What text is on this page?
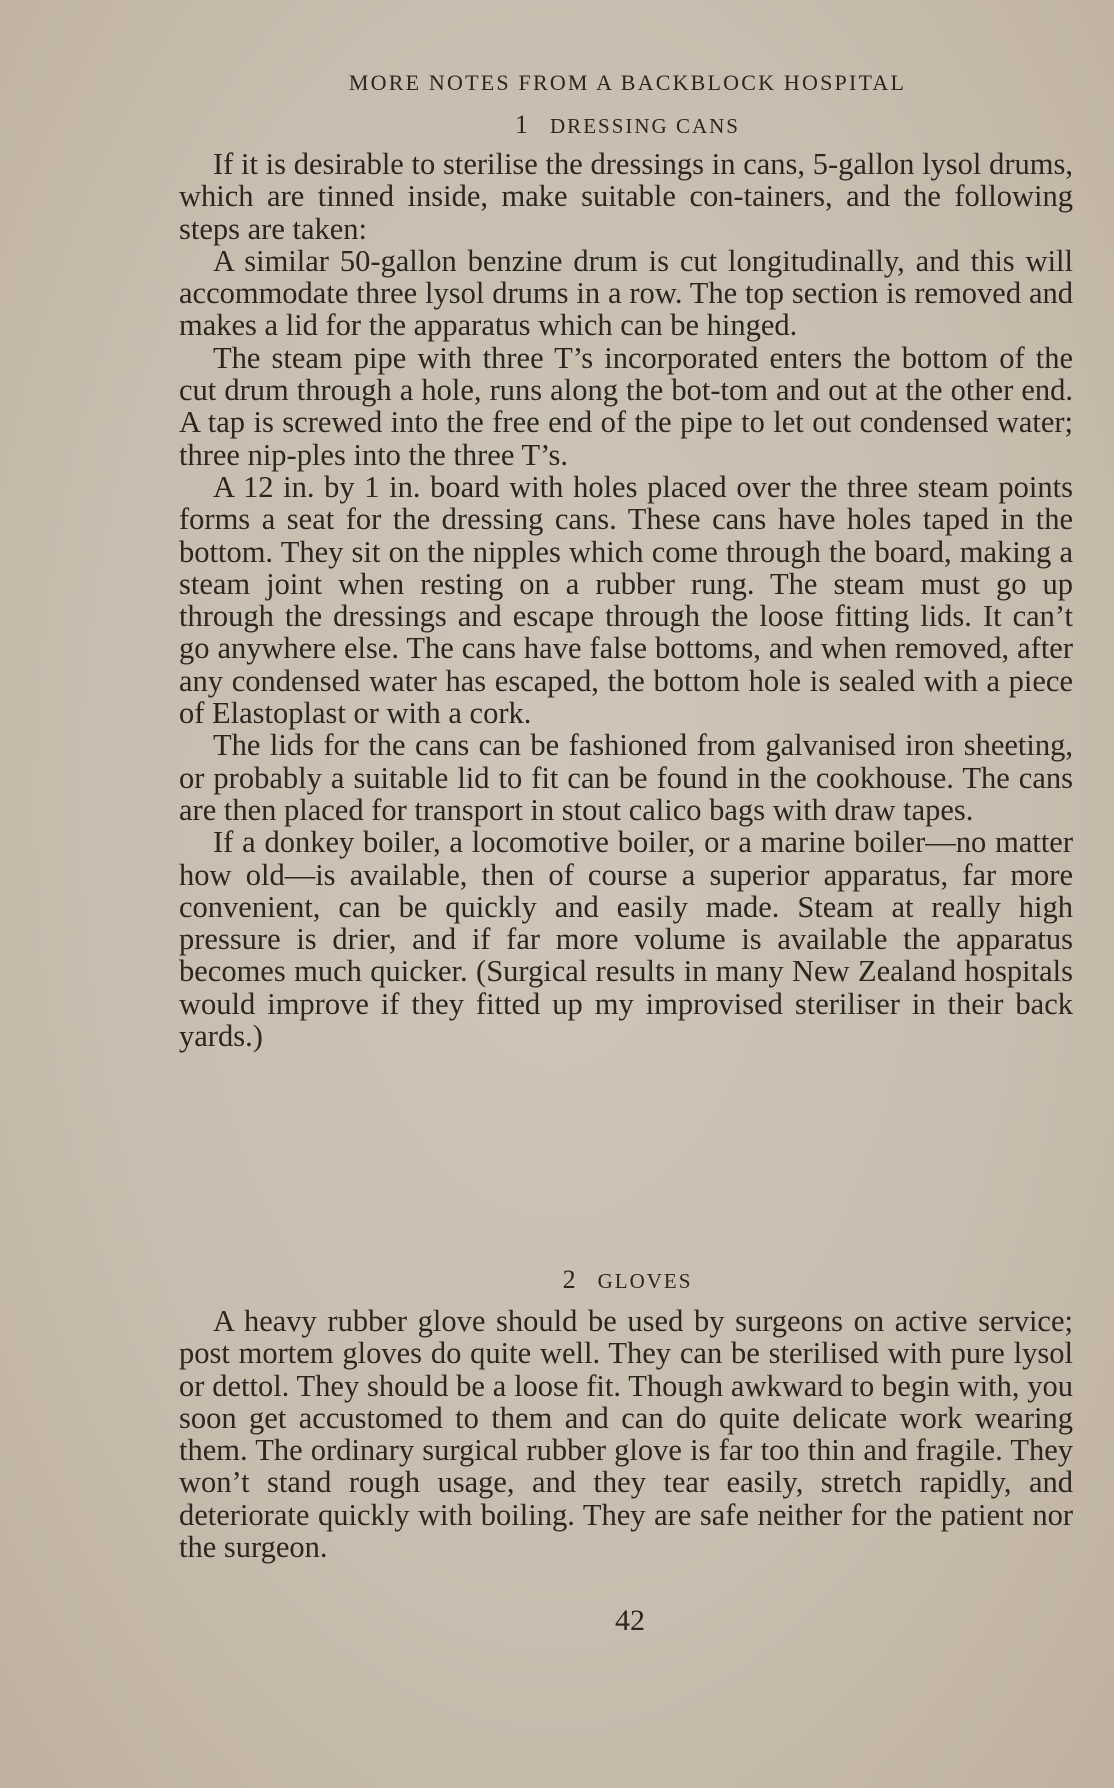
MORE NOTES FROM A BACKBLOCK HOSPITAL
1 DRESSING CANS

If it is desirable to sterilise the dressings in cans, 5-gallon lysol drums, which are tinned inside, make suitable con-tainers, and the following steps are taken:

A similar 50-gallon benzine drum is cut longitudinally, and this will accommodate three lysol drums in a row. The top section is removed and makes a lid for the apparatus which can be hinged.

The steam pipe with three T’s incorporated enters the bottom of the cut drum through a hole, runs along the bot-tom and out at the other end. A tap is screwed into the free end of the pipe to let out condensed water; three nip-ples into the three T’s.

A 12 in. by 1 in. board with holes placed over the three steam points forms a seat for the dressing cans. These cans have holes taped in the bottom. They sit on the nipples which come through the board, making a steam joint when resting on a rubber rung. The steam must go up through the dressings and escape through the loose fitting lids. It can’t go anywhere else. The cans have false bottoms, and when removed, after any condensed water has escaped, the bottom hole is sealed with a piece of Elastoplast or with a cork.

The lids for the cans can be fashioned from galvanised iron sheeting, or probably a suitable lid to fit can be found in the cookhouse. The cans are then placed for transport in stout calico bags with draw tapes.

If a donkey boiler, a locomotive boiler, or a marine boiler—no matter how old—is available, then of course a superior apparatus, far more convenient, can be quickly and easily made. Steam at really high pressure is drier, and if far more volume is available the apparatus becomes much quicker. (Surgical results in many New Zealand hospitals would improve if they fitted up my improvised steriliser in their back yards.)

2 GLOVES

A heavy rubber glove should be used by surgeons on active service; post mortem gloves do quite well. They can be sterilised with pure lysol or dettol. They should be a loose fit. Though awkward to begin with, you soon get accustomed to them and can do quite delicate work wearing them. The ordinary surgical rubber glove is far too thin and fragile. They won’t stand rough usage, and they tear easily, stretch rapidly, and deteriorate quickly with boiling. They are safe neither for the patient nor the surgeon.

42
